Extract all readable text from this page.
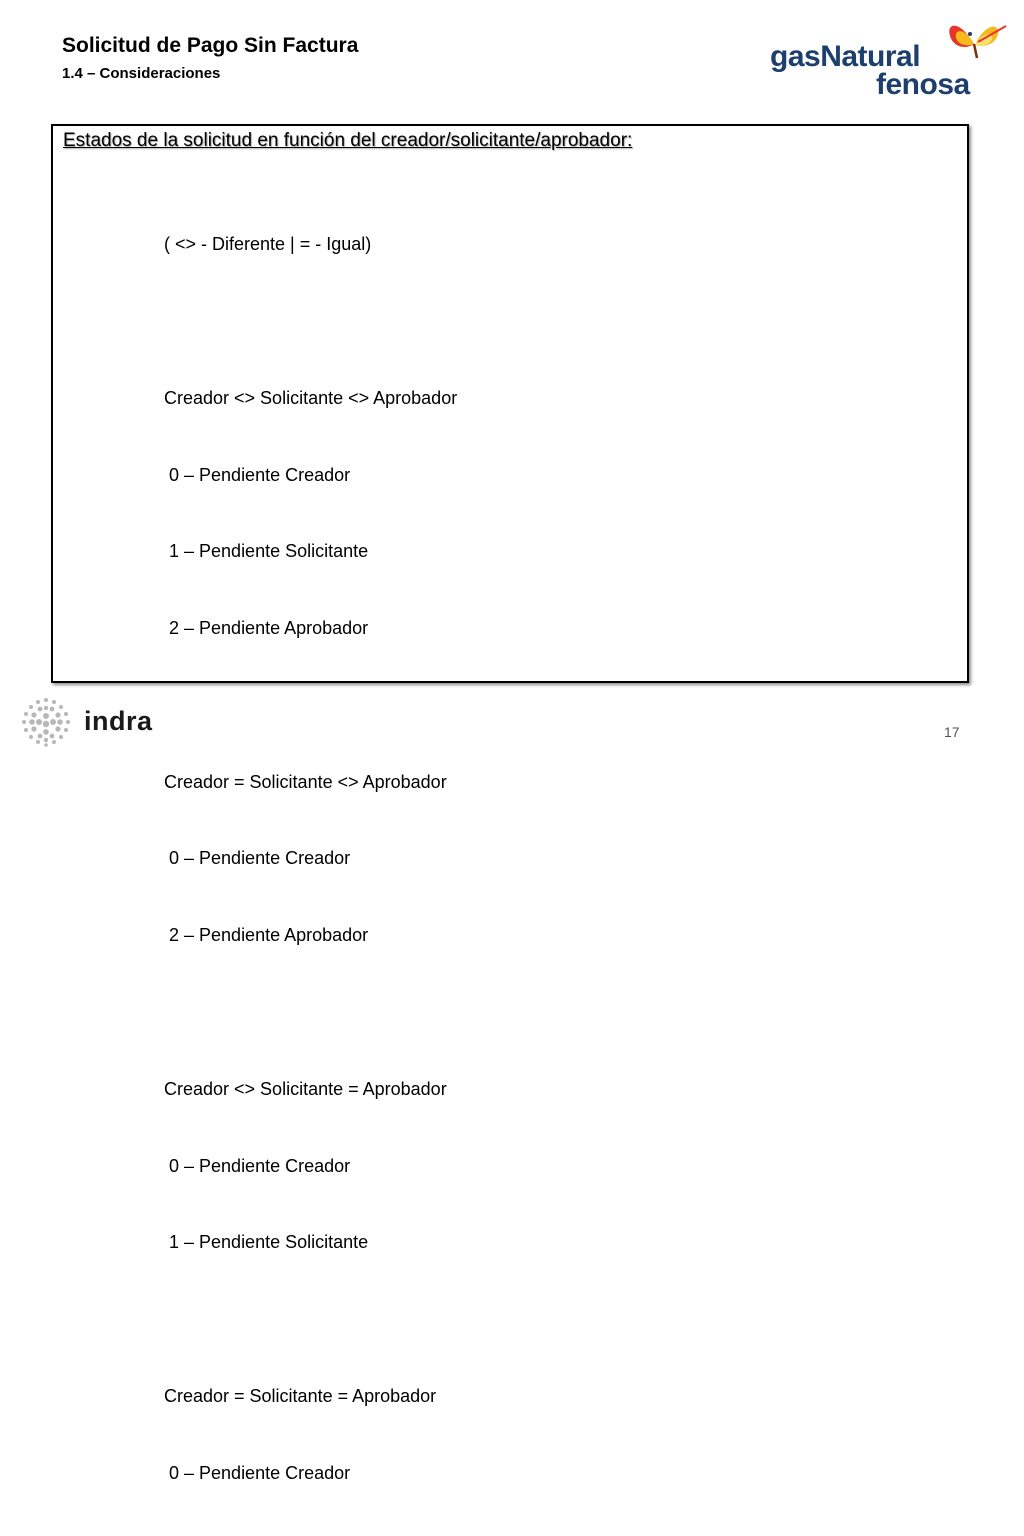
Solicitud de Pago Sin Factura
1.4 – Consideraciones
gasNatural
fenosa

Estados de la solicitud en función del creador/solicitante/aprobador:

( <> - Diferente | = - Igual)

Creador <> Solicitante <> Aprobador

0 – Pendiente Creador

1 – Pendiente Solicitante

2 – Pendiente Aprobador

Creador = Solicitante <> Aprobador

0 – Pendiente Creador

2 – Pendiente Aprobador

Creador <> Solicitante = Aprobador

0 – Pendiente Creador

1 – Pendiente Solicitante

Creador = Solicitante = Aprobador

0 – Pendiente Creador

indra	17
